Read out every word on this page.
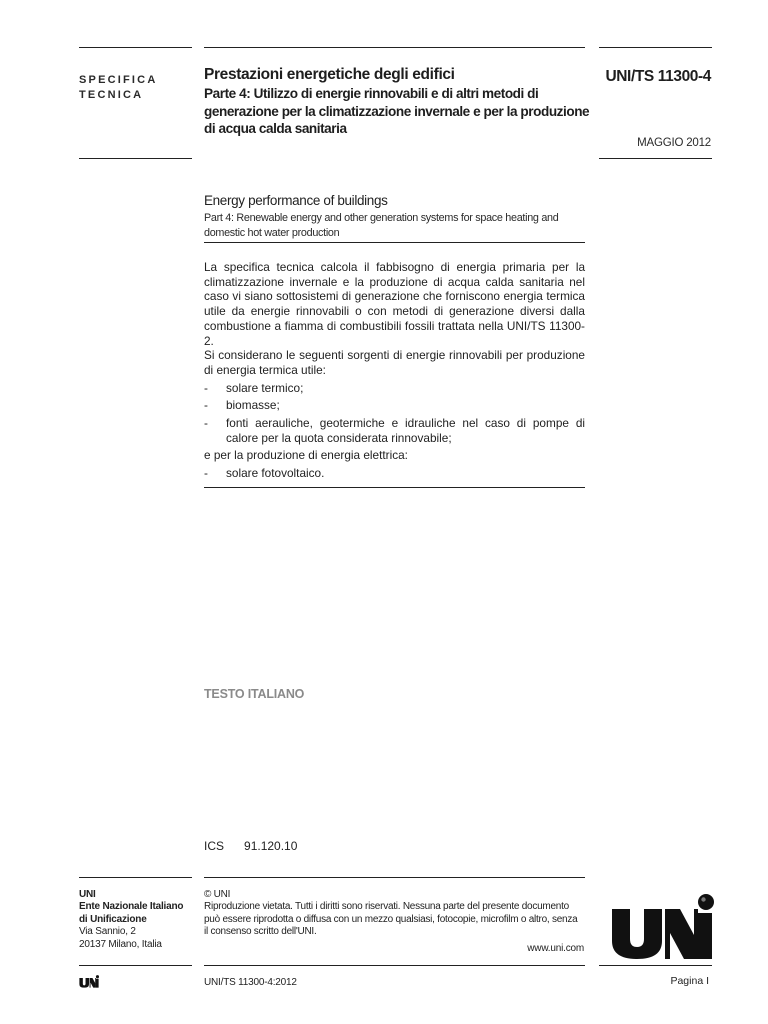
SPECIFICA
TECNICA
Prestazioni energetiche degli edifici
Parte 4: Utilizzo di energie rinnovabili e di altri metodi di generazione per la climatizzazione invernale e per la produzione di acqua calda sanitaria
UNI/TS 11300-4
MAGGIO 2012
Energy performance of buildings
Part 4: Renewable energy and other generation systems for space heating and domestic hot water production

La specifica tecnica calcola il fabbisogno di energia primaria per la climatizzazione invernale e la produzione di acqua calda sanitaria nel caso vi siano sottosistemi di generazione che forniscono energia termica utile da energie rinnovabili o con metodi di generazione diversi dalla combustione a fiamma di combustibili fossili trattata nella UNI/TS 11300-2.

Si considerano le seguenti sorgenti di energie rinnovabili per produzione di energia termica utile:

- solare termico;
- biomasse;
- fonti aerauliche, geotermiche e idrauliche nel caso di pompe di calore per la quota considerata rinnovabile;

e per la produzione di energia elettrica:

- solare fotovoltaico.
TESTO ITALIANO
ICS 91.120.10
UNI
Ente Nazionale Italiano
di Unificazione
Via Sannio, 2
20137 Milano, Italia
© UNI
Riproduzione vietata. Tutti i diritti sono riservati. Nessuna parte del presente documento
può essere riprodotta o diffusa con un mezzo qualsiasi, fotocopie, microfilm o altro, senza
il consenso scritto dell'UNI.
www.uni.com
UNI/TS 11300-4:2012	Pagina I
